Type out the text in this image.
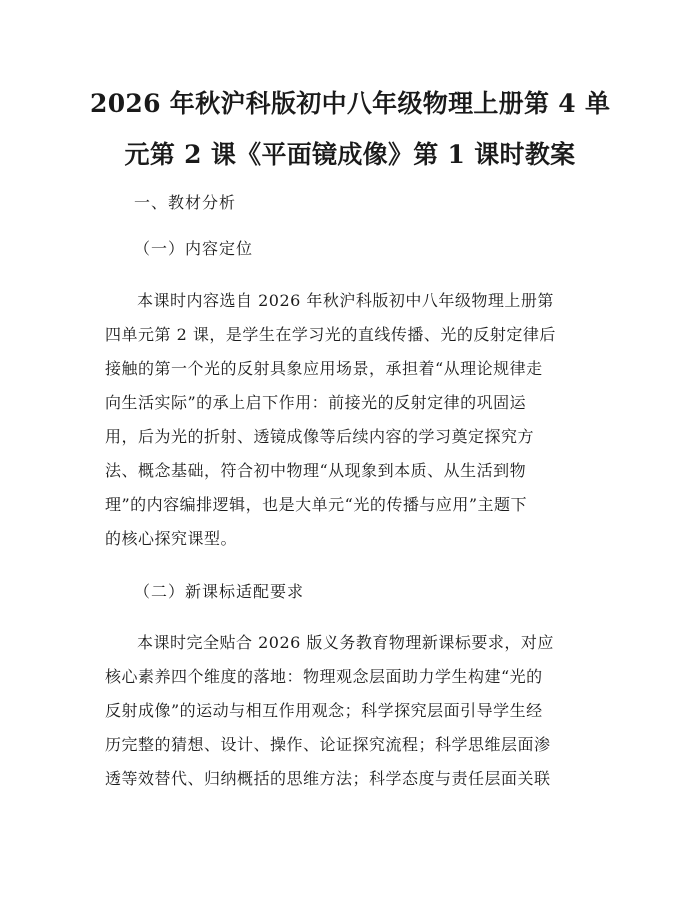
2026 年秋沪科版初中八年级物理上册第 4 单
元第 2 课《平面镜成像》第 1 课时教案
一、教材分析
（一）内容定位
本课时内容选自 2026 年秋沪科版初中八年级物理上册第
四单元第 2 课，是学生在学习光的直线传播、光的反射定律后
接触的第一个光的反射具象应用场景，承担着“从理论规律走
向生活实际”的承上启下作用：前接光的反射定律的巩固运
用，后为光的折射、透镜成像等后续内容的学习奠定探究方
法、概念基础，符合初中物理“从现象到本质、从生活到物
理”的内容编排逻辑，也是大单元“光的传播与应用”主题下
的核心探究课型。
（二）新课标适配要求
本课时完全贴合 2026 版义务教育物理新课标要求，对应
核心素养四个维度的落地：物理观念层面助力学生构建“光的
反射成像”的运动与相互作用观念；科学探究层面引导学生经
历完整的猜想、设计、操作、论证探究流程；科学思维层面渗
透等效替代、归纳概括的思维方法；科学态度与责任层面关联
